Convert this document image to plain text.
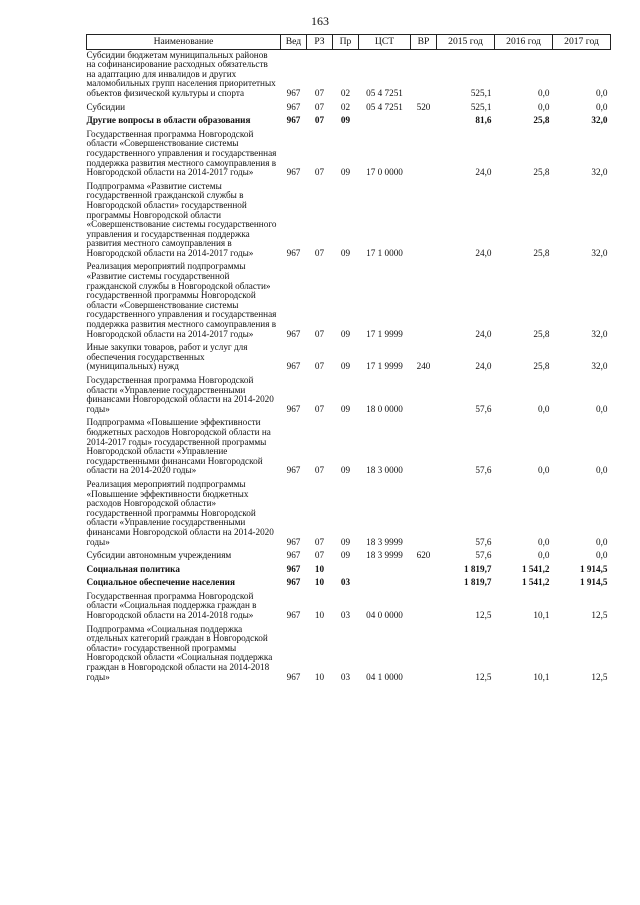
163
Наименование	Вед	РЗ	Пр	ЦСТ	ВР	2015 год	2016 год	2017 год
Субсидии бюджетам муниципальных районов на софинансирование расходных обязательств на адаптацию для инвалидов и других маломобильных групп населения приоритетных объектов физической культуры и спорта	967	07	02	05 4 7251		525,1	0,0	0,0
Субсидии	967	07	02	05 4 7251	520	525,1	0,0	0,0
Другие вопросы в области образования	967	07	09			81,6	25,8	32,0
Государственная программа Новгородской области «Совершенствование системы государственного управления и государственная поддержка развития местного самоуправления в Новгородской области на 2014-2017 годы»	967	07	09	17 0 0000		24,0	25,8	32,0
Подпрограмма «Развитие системы государственной гражданской службы в Новгородской области» государственной программы Новгородской области «Совершенствование системы государственного управления и государственная поддержка развития местного самоуправления в Новгородской области на 2014-2017 годы»	967	07	09	17 1 0000		24,0	25,8	32,0
Реализация мероприятий подпрограммы «Развитие системы государственной гражданской службы в Новгородской области» государственной программы Новгородской области «Совершенствование системы государственного управления и государственная поддержка развития местного самоуправления в Новгородской области на 2014-2017 годы»	967	07	09	17 1 9999		24,0	25,8	32,0
Иные закупки товаров, работ и услуг для обеспечения государственных (муниципальных) нужд	967	07	09	17 1 9999	240	24,0	25,8	32,0
Государственная программа Новгородской области «Управление государственными финансами Новгородской области на 2014-2020 годы»	967	07	09	18 0 0000		57,6	0,0	0,0
Подпрограмма «Повышение эффективности бюджетных расходов Новгородской области на 2014-2017 годы» государственной программы Новгородской области «Управление государственными финансами Новгородской области на 2014-2020 годы»	967	07	09	18 3 0000		57,6	0,0	0,0
Реализация мероприятий подпрограммы «Повышение эффективности бюджетных расходов Новгородской области» государственной программы Новгородской области «Управление государственными финансами Новгородской области на 2014-2020 годы»	967	07	09	18 3 9999		57,6	0,0	0,0
Субсидии автономным учреждениям	967	07	09	18 3 9999	620	57,6	0,0	0,0
Социальная политика	967	10				1 819,7	1 541,2	1 914,5
Социальное обеспечение населения	967	10	03			1 819,7	1 541,2	1 914,5
Государственная программа Новгородской области «Социальная поддержка граждан в Новгородской области на 2014-2018 годы»	967	10	03	04 0 0000		12,5	10,1	12,5
Подпрограмма «Социальная поддержка отдельных категорий граждан в Новгородской области» государственной программы Новгородской области «Социальная поддержка граждан в Новгородской области на 2014-2018 годы»	967	10	03	04 1 0000		12,5	10,1	12,5
